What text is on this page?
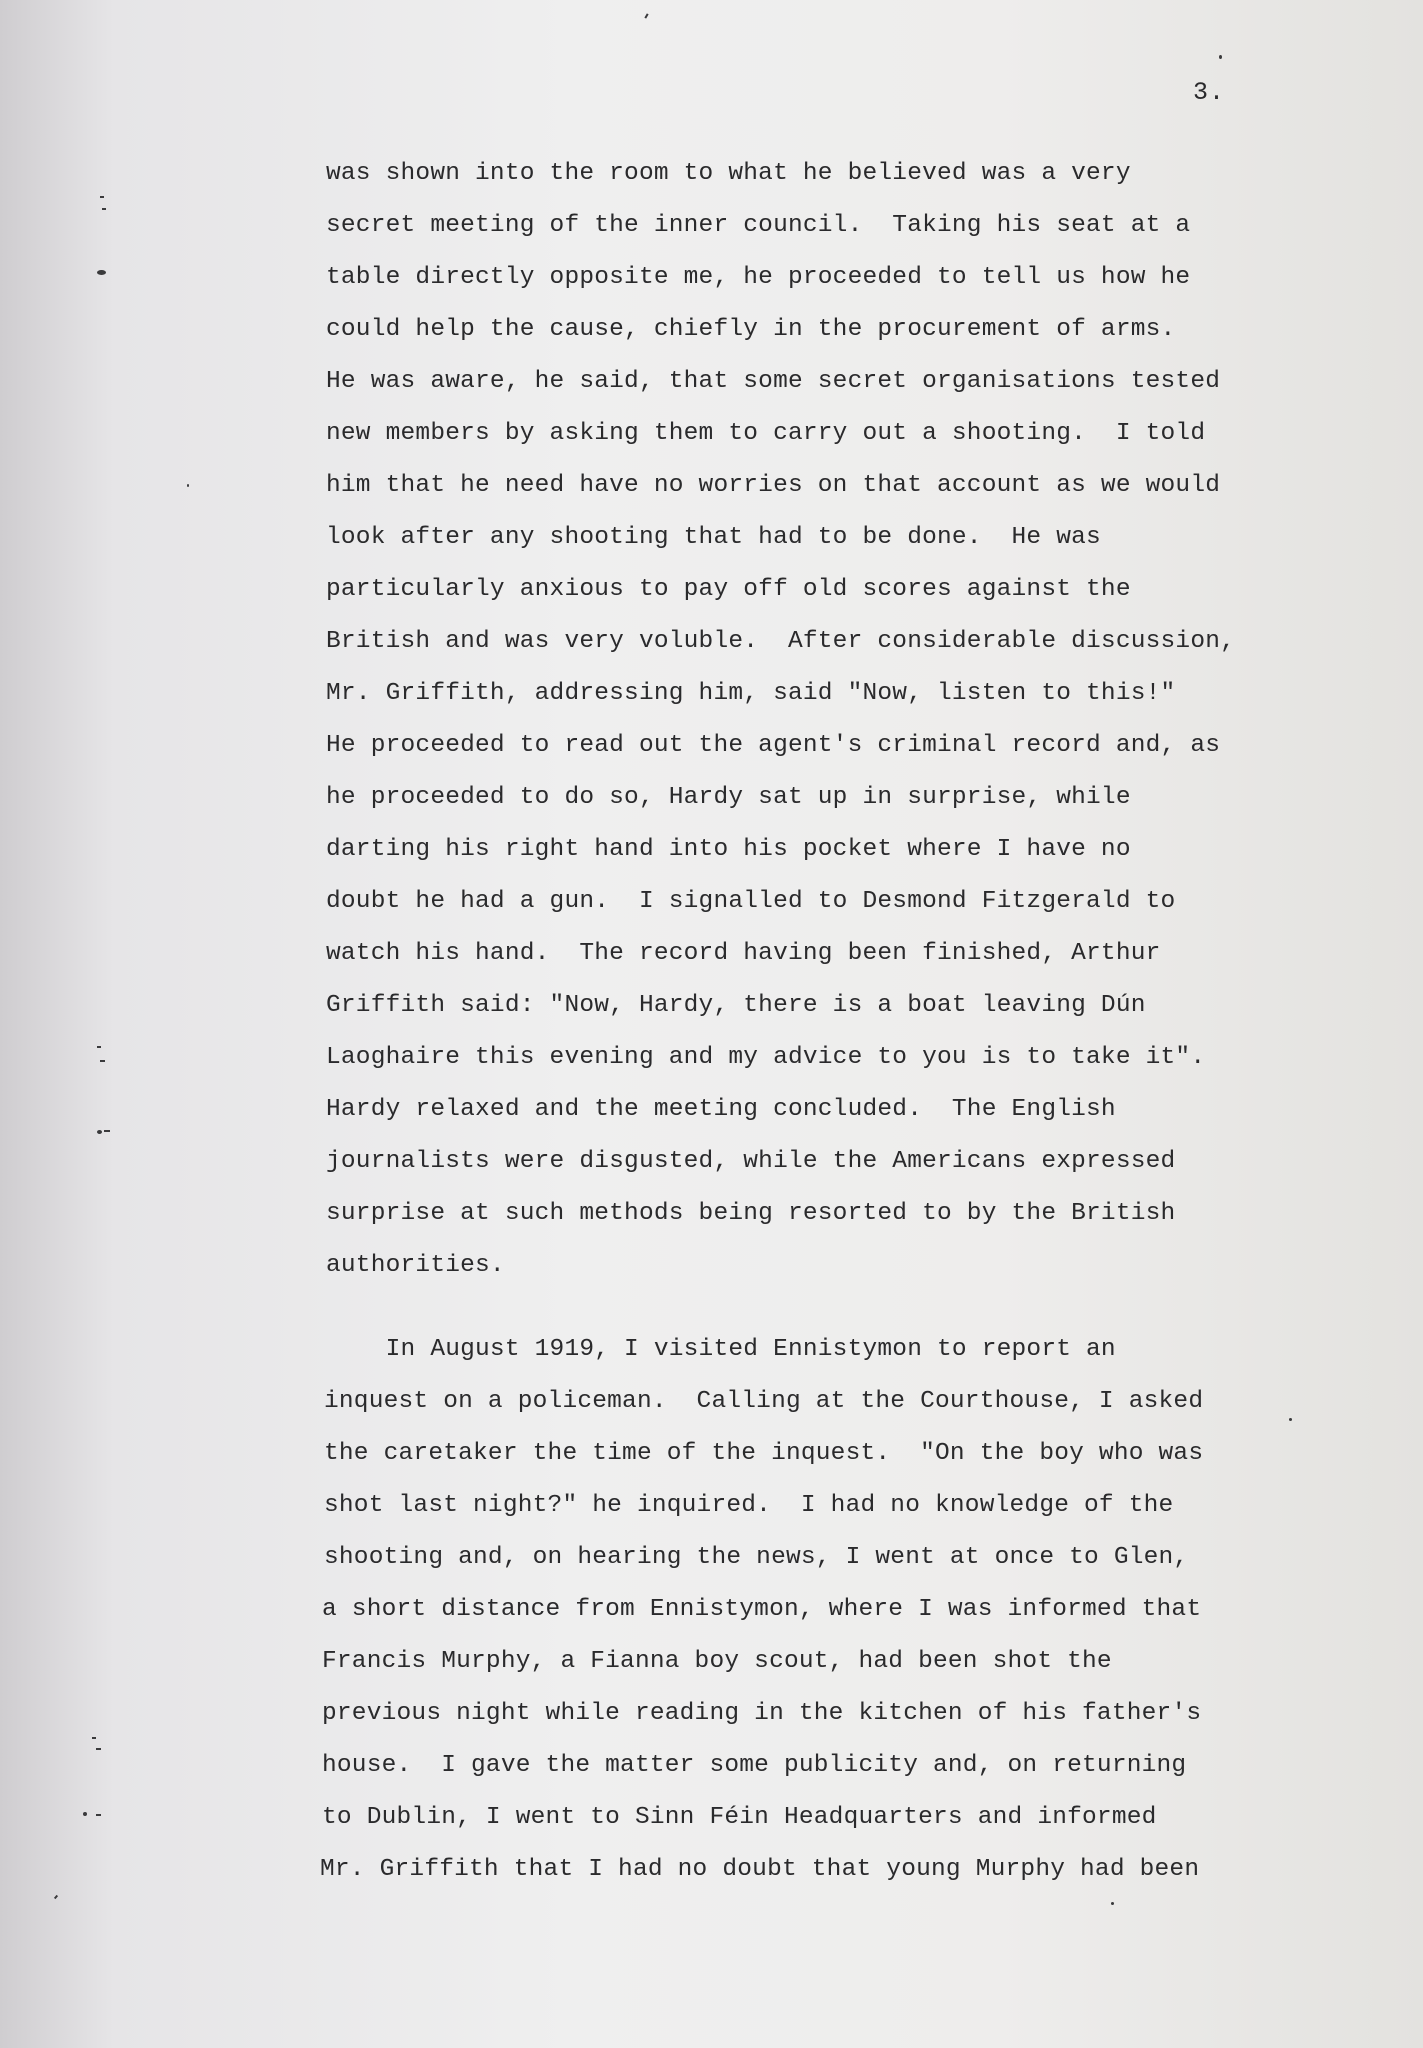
3.
was shown into the room to what he believed was a very
secret meeting of the inner council.  Taking his seat at a
table directly opposite me, he proceeded to tell us how he
could help the cause, chiefly in the procurement of arms.
He was aware, he said, that some secret organisations tested
new members by asking them to carry out a shooting.  I told
him that he need have no worries on that account as we would
look after any shooting that had to be done.  He was
particularly anxious to pay off old scores against the
British and was very voluble.  After considerable discussion,
Mr. Griffith, addressing him, said "Now, listen to this!"
He proceeded to read out the agent's criminal record and, as
he proceeded to do so, Hardy sat up in surprise, while
darting his right hand into his pocket where I have no
doubt he had a gun.  I signalled to Desmond Fitzgerald to
watch his hand.  The record having been finished, Arthur
Griffith said: "Now, Hardy, there is a boat leaving Dún
Laoghaire this evening and my advice to you is to take it".
Hardy relaxed and the meeting concluded.  The English
journalists were disgusted, while the Americans expressed
surprise at such methods being resorted to by the British
authorities.
In August 1919, I visited Ennistymon to report an
inquest on a policeman.  Calling at the Courthouse, I asked
the caretaker the time of the inquest.  "On the boy who was
shot last night?" he inquired.  I had no knowledge of the
shooting and, on hearing the news, I went at once to Glen,
a short distance from Ennistymon, where I was informed that
Francis Murphy, a Fianna boy scout, had been shot the
previous night while reading in the kitchen of his father's
house.  I gave the matter some publicity and, on returning
to Dublin, I went to Sinn Féin Headquarters and informed
Mr. Griffith that I had no doubt that young Murphy had been
